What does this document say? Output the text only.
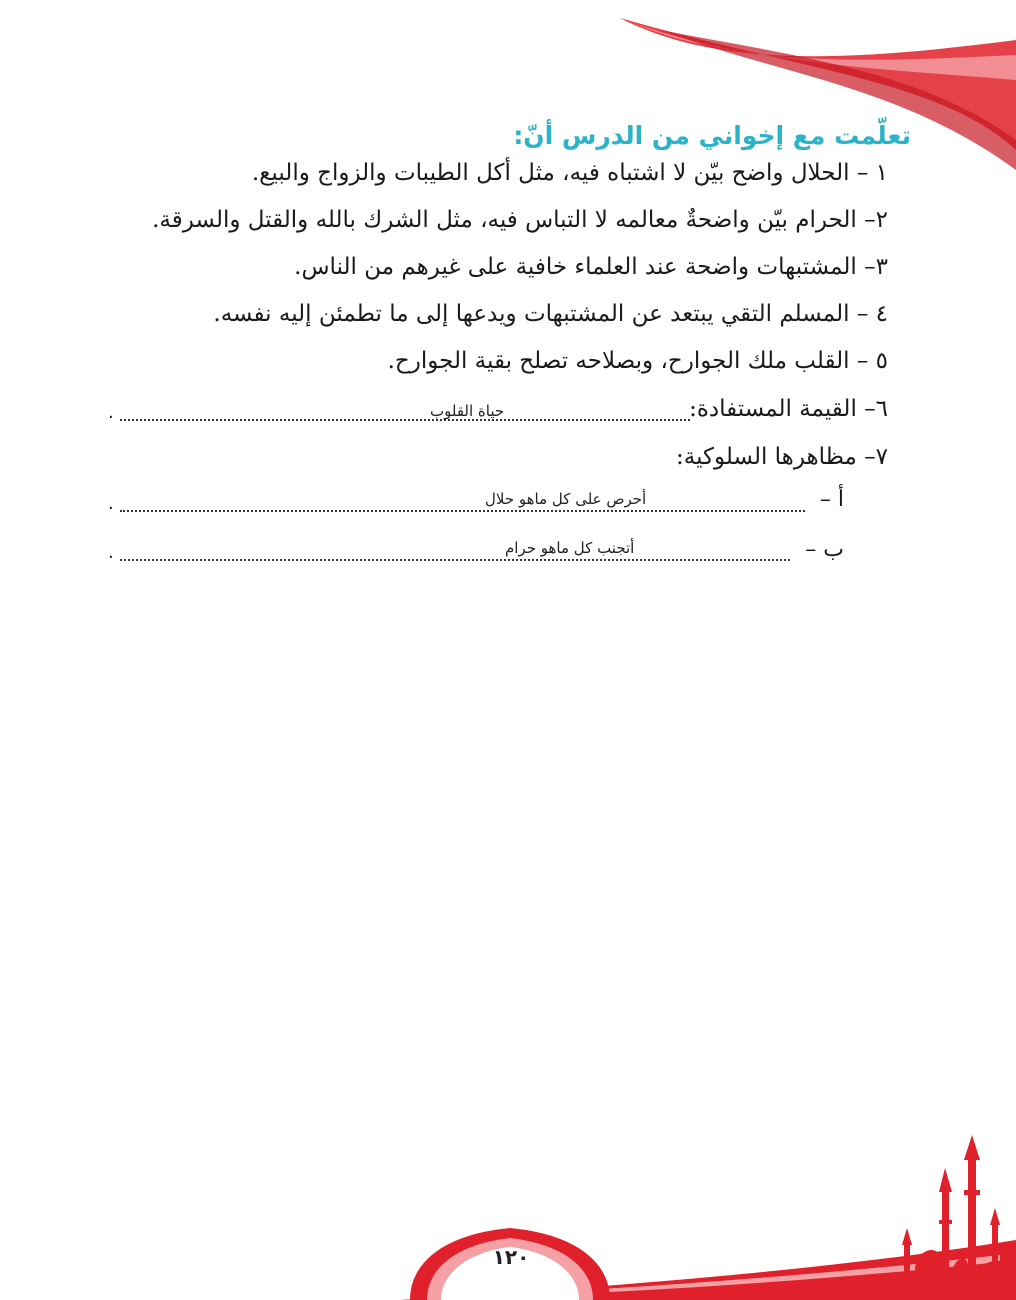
تعلّمت مع إخواني من الدرس أنّ:
١ – الحلال واضح بيّن لا اشتباه فيه، مثل أكل الطيبات والزواج والبيع.
٢– الحرام بيّن واضحةٌ معالمه لا التباس فيه، مثل الشرك بالله والقتل والسرقة.
٣– المشتبهات واضحة عند العلماء خافية على غيرهم من الناس.
٤ – المسلم التقي يبتعد عن المشتبهات ويدعها إلى ما تطمئن إليه نفسه.
٥ – القلب ملك الجوارح، وبصلاحه تصلح بقية الجوارح.
٦– القيمة المستفادة:
حياة القلوب
.
٧– مظاهرها السلوكية:
أ –
أحرص على كل ماهو حلال
.
ب –
أتجنب كل ماهو حرام
.
١٢٠
